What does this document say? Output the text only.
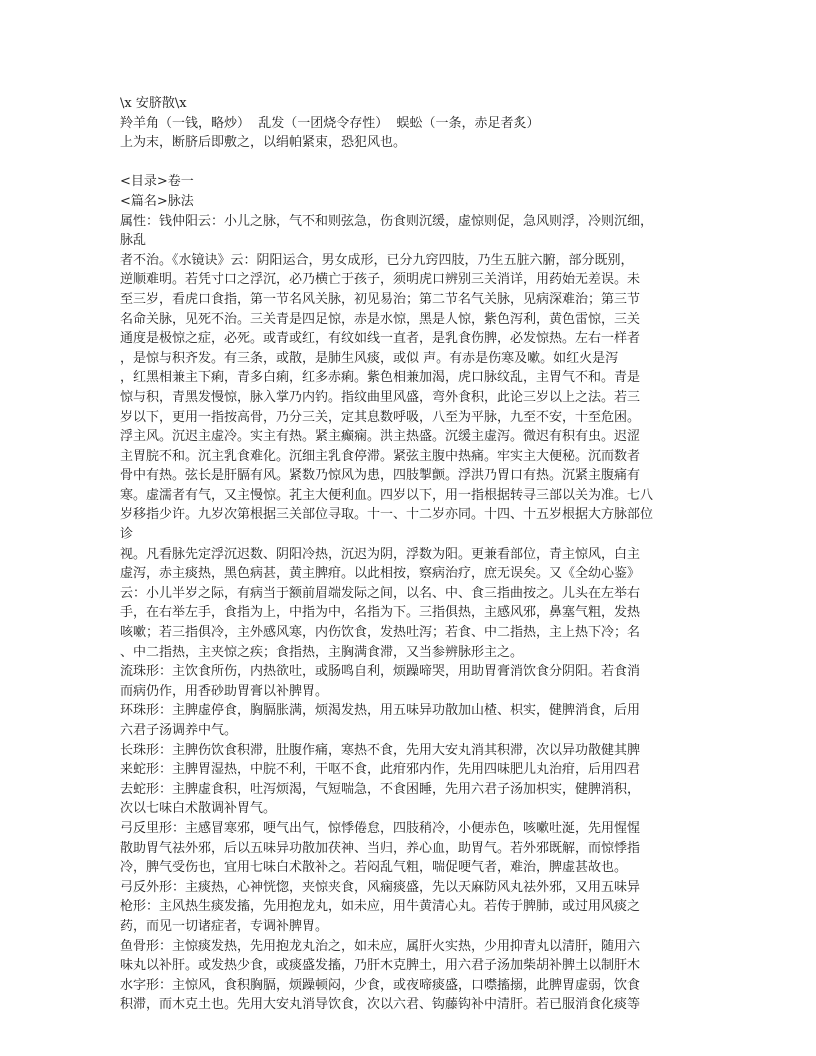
\x 安脐散\x
羚羊角（一钱，略炒）  乱发（一团烧令存性）  蜈蚣（一条，赤足者炙）
上为末，断脐后即敷之，以绢帕紧束，恐犯风也。
<目录>卷一
<篇名>脉法
属性：钱仲阳云：小儿之脉，气不和则弦急，伤食则沉缓，虚惊则促，急风则浮，冷则沉细，
脉乱
者不治。《水镜诀》云：阴阳运合，男女成形，已分九窍四肢，乃生五脏六腑，部分既别，
逆顺难明。若凭寸口之浮沉，必乃横亡于孩子，须明虎口辨别三关消详，用药始无差误。未
至三岁，看虎口食指，第一节名风关脉，初见易治；第二节名气关脉，见病深难治；第三节
名命关脉，见死不治。三关青是四足惊，赤是水惊，黑是人惊，紫色泻利，黄色雷惊，三关
通度是极惊之症，必死。或青或红，有纹如线一直者，是乳食伤脾，必发惊热。左右一样者
，是惊与积齐发。有三条，或散，是肺生风痰，或似 声。有赤是伤寒及嗽。如红火是泻
，红黑相兼主下痢，青多白痢，红多赤痢。紫色相兼加渴，虎口脉纹乱，主胃气不和。青是
惊与积，青黑发慢惊，脉入掌乃内钓。指纹曲里风盛，弯外食积，此论三岁以上之法。若三
岁以下，更用一指按高骨，乃分三关，定其息数呼吸，八至为平脉，九至不安，十至危困。
浮主风。沉迟主虚冷。实主有热。紧主癫痫。洪主热盛。沉缓主虚泻。微迟有积有虫。迟涩
主胃脘不和。沉主乳食难化。沉细主乳食停滞。紧弦主腹中热痛。牢实主大便秘。沉而数者
骨中有热。弦长是肝膈有风。紧数乃惊风为患，四肢掣颤。浮洪乃胃口有热。沉紧主腹痛有
寒。虚濡者有气，又主慢惊。芤主大便利血。四岁以下，用一指根据转寻三部以关为准。七八
岁移指少许。九岁次第根据三关部位寻取。十一、十二岁亦同。十四、十五岁根据大方脉部位
诊
视。凡看脉先定浮沉迟数、阴阳冷热，沉迟为阴，浮数为阳。更兼看部位，青主惊风，白主
虚泻，赤主痰热，黑色病甚，黄主脾疳。以此相按，察病治疗，庶无误矣。又《全幼心鉴》
云：小儿半岁之际，有病当于额前眉端发际之间，以名、中、食三指曲按之。儿头在左举右
手，在右举左手，食指为上，中指为中，名指为下。三指俱热，主感风邪，鼻塞气粗，发热
咳嗽；若三指俱冷，主外感风寒，内伤饮食，发热吐泻；若食、中二指热，主上热下冷；名
、中二指热，主夹惊之疾；食指热，主胸满食滞，又当参辨脉形主之。
流珠形：主饮食所伤，内热欲吐，或肠鸣自利，烦躁啼哭，用助胃膏消饮食分阴阳。若食消
而病仍作，用香砂助胃膏以补脾胃。
环珠形：主脾虚停食，胸膈胀满，烦渴发热，用五味异功散加山楂、枳实，健脾消食，后用
六君子汤调养中气。
长珠形：主脾伤饮食积滞，肚腹作痛，寒热不食，先用大安丸消其积滞，次以异功散健其脾
来蛇形：主脾胃湿热，中脘不利，干呕不食，此疳邪内作，先用四味肥儿丸治疳，后用四君
去蛇形：主脾虚食积，吐泻烦渴，气短喘急，不食困睡，先用六君子汤加枳实，健脾消积，
次以七味白术散调补胃气。
弓反里形：主感冒寒邪，哽气出气，惊悸倦怠，四肢稍冷，小便赤色，咳嗽吐涎，先用惺惺
散助胃气祛外邪，后以五味异功散加茯神、当归，养心血，助胃气。若外邪既解，而惊悸指
冷，脾气受伤也，宜用七味白术散补之。若闷乱气粗，喘促哽气者，难治，脾虚甚故也。
弓反外形：主痰热，心神恍惚，夹惊夹食，风痫痰盛，先以天麻防风丸祛外邪，又用五味异
枪形：主风热生痰发搐，先用抱龙丸，如未应，用牛黄清心丸。若传于脾肺，或过用风痰之
药，而见一切诸症者，专调补脾胃。
鱼骨形：主惊痰发热，先用抱龙丸治之，如未应，属肝火实热，少用抑青丸以清肝，随用六
味丸以补肝。或发热少食，或痰盛发搐，乃肝木克脾土，用六君子汤加柴胡补脾土以制肝木
水字形：主惊风，食积胸膈，烦躁顿闷，少食，或夜啼痰盛，口噤搐搦，此脾胃虚弱，饮食
积滞，而木克土也。先用大安丸消导饮食，次以六君、钩藤钩补中清肝。若已服消食化痰等
